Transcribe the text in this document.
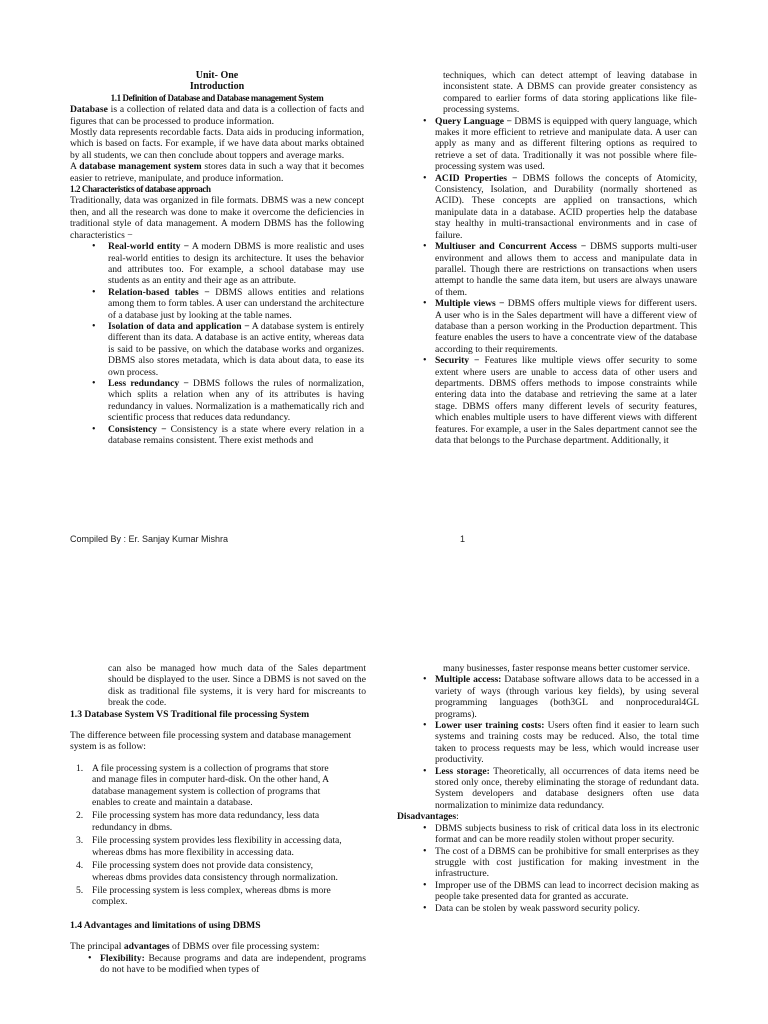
Unit- One

Introduction

1.1 Definition of Database and Database management System

Database is a collection of related data and data is a collection of facts and figures that can be processed to produce information.

Mostly data represents recordable facts. Data aids in producing information, which is based on facts. For example, if we have data about marks obtained by all students, we can then conclude about toppers and average marks.

A database management system stores data in such a way that it becomes easier to retrieve, manipulate, and produce information.

1.2 Characteristics of database approach

Traditionally, data was organized in file formats. DBMS was a new concept then, and all the research was done to make it overcome the deficiencies in traditional style of data management. A modern DBMS has the following characteristics −

• Real-world entity − A modern DBMS is more realistic and uses real-world entities to design its architecture. It uses the behavior and attributes too. For example, a school database may use students as an entity and their age as an attribute.
• Relation-based tables − DBMS allows entities and relations among them to form tables. A user can understand the architecture of a database just by looking at the table names.
• Isolation of data and application − A database system is entirely different than its data. A database is an active entity, whereas data is said to be passive, on which the database works and organizes. DBMS also stores metadata, which is data about data, to ease its own process.
• Less redundancy − DBMS follows the rules of normalization, which splits a relation when any of its attributes is having redundancy in values. Normalization is a mathematically rich and scientific process that reduces data redundancy.
• Consistency − Consistency is a state where every relation in a database remains consistent. There exist methods and

techniques, which can detect attempt of leaving database in inconsistent state. A DBMS can provide greater consistency as compared to earlier forms of data storing applications like file-processing systems.

• Query Language − DBMS is equipped with query language, which makes it more efficient to retrieve and manipulate data. A user can apply as many and as different filtering options as required to retrieve a set of data. Traditionally it was not possible where file-processing system was used.
• ACID Properties − DBMS follows the concepts of Atomicity, Consistency, Isolation, and Durability (normally shortened as ACID). These concepts are applied on transactions, which manipulate data in a database. ACID properties help the database stay healthy in multi-transactional environments and in case of failure.
• Multiuser and Concurrent Access − DBMS supports multi-user environment and allows them to access and manipulate data in parallel. Though there are restrictions on transactions when users attempt to handle the same data item, but users are always unaware of them.
• Multiple views − DBMS offers multiple views for different users. A user who is in the Sales department will have a different view of database than a person working in the Production department. This feature enables the users to have a concentrate view of the database according to their requirements.
• Security − Features like multiple views offer security to some extent where users are unable to access data of other users and departments. DBMS offers methods to impose constraints while entering data into the database and retrieving the same at a later stage. DBMS offers many different levels of security features, which enables multiple users to have different views with different features. For example, a user in the Sales department cannot see the data that belongs to the Purchase department. Additionally, it
Compiled By : Er. Sanjay Kumar Mishra	1

can also be managed how much data of the Sales department should be displayed to the user. Since a DBMS is not saved on the disk as traditional file systems, it is very hard for miscreants to break the code.

1.3 Database System VS Traditional file processing System

The difference between file processing system and database management system is as follow:

1. A file processing system is a collection of programs that store and manage files in computer hard-disk. On the other hand, A database management system is collection of programs that enables to create and maintain a database.
2. File processing system has more data redundancy, less data redundancy in dbms.
3. File processing system provides less flexibility in accessing data, whereas dbms has more flexibility in accessing data.
4. File processing system does not provide data consistency, whereas dbms provides data consistency through normalization.
5. File processing system is less complex, whereas dbms is more complex.

1.4 Advantages and limitations of using DBMS

The principal advantages of DBMS over file processing system:

• Flexibility: Because programs and data are independent, programs do not have to be modified when types of

many businesses, faster response means better customer service.

• Multiple access: Database software allows data to be accessed in a variety of ways (through various key fields), by using several programming languages (both3GL and nonprocedural4GL programs).
• Lower user training costs: Users often find it easier to learn such systems and training costs may be reduced. Also, the total time taken to process requests may be less, which would increase user productivity.
• Less storage: Theoretically, all occurrences of data items need be stored only once, thereby eliminating the storage of redundant data. System developers and database designers often use data normalization to minimize data redundancy.

Disadvantages:

• DBMS subjects business to risk of critical data loss in its electronic format and can be more readily stolen without proper security.
• The cost of a DBMS can be prohibitive for small enterprises as they struggle with cost justification for making investment in the infrastructure.
• Improper use of the DBMS can lead to incorrect decision making as people take presented data for granted as accurate.
• Data can be stolen by weak password security policy.
